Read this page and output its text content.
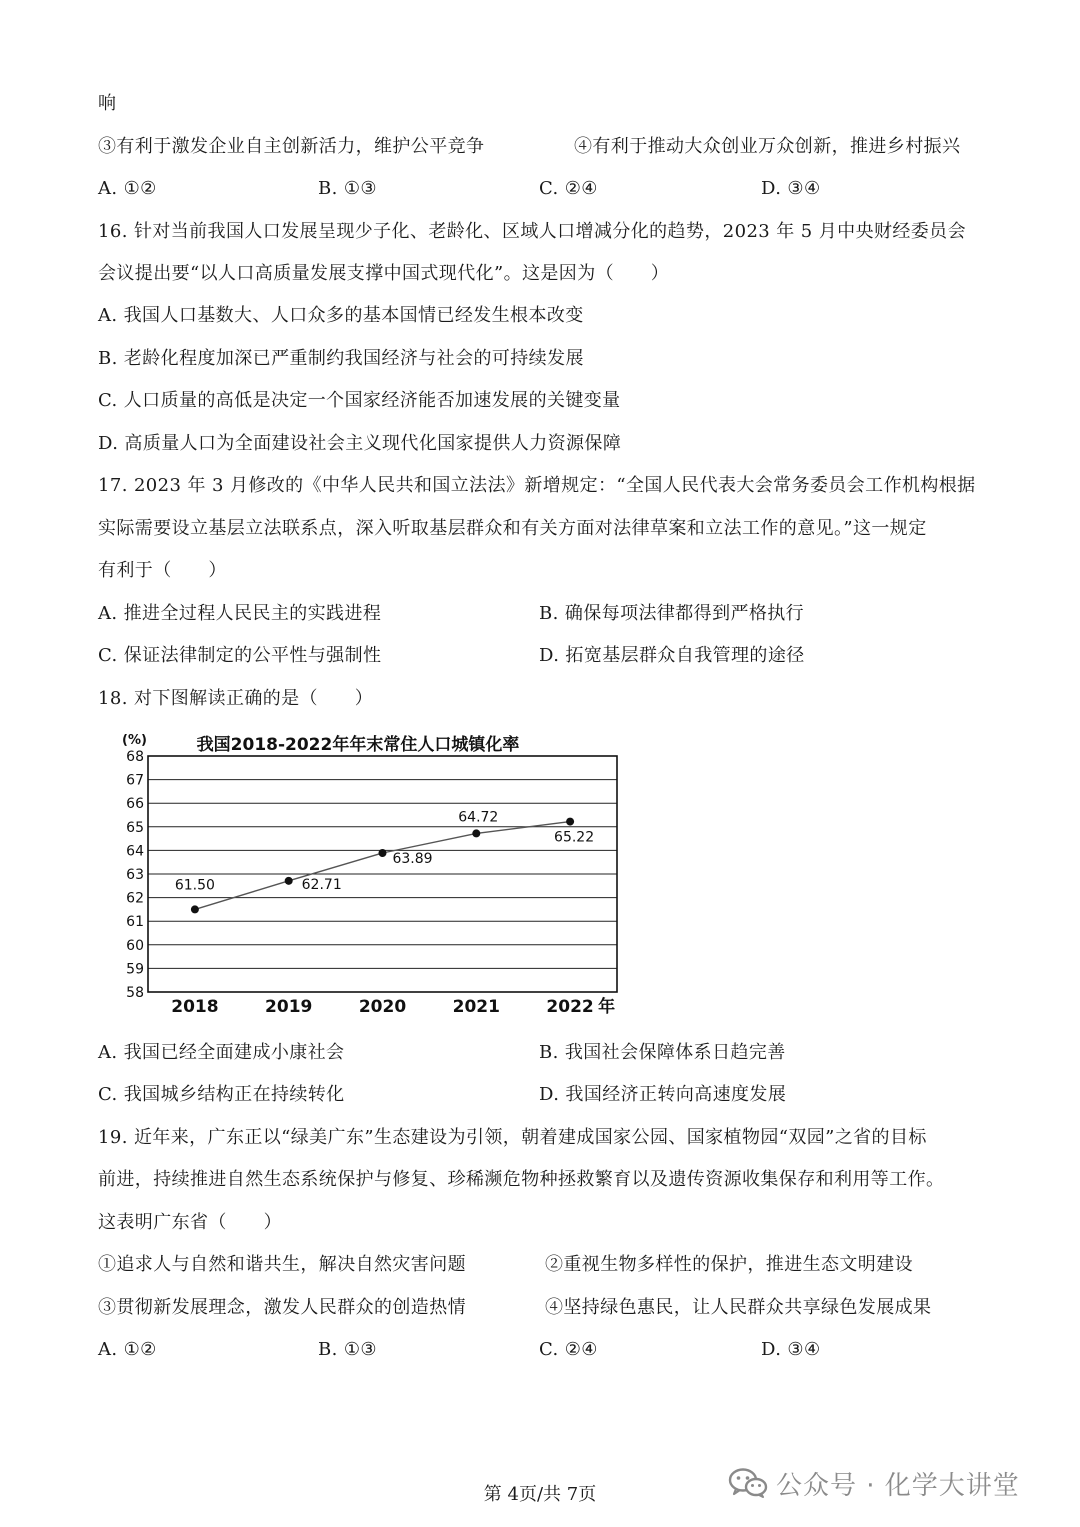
响
③有利于激发企业自主创新活力，维护公平竞争	④有利于推动大众创业万众创新，推进乡村振兴
A. ①②	B. ①③	C. ②④	D. ③④
16. 针对当前我国人口发展呈现少子化、老龄化、区域人口增减分化的趋势，2023 年 5 月中央财经委员会
会议提出要“以人口高质量发展支撑中国式现代化”。这是因为（　　）
A. 我国人口基数大、人口众多的基本国情已经发生根本改变
B. 老龄化程度加深已严重制约我国经济与社会的可持续发展
C. 人口质量的高低是决定一个国家经济能否加速发展的关键变量
D. 高质量人口为全面建设社会主义现代化国家提供人力资源保障
17. 2023 年 3 月修改的《中华人民共和国立法法》新增规定：“全国人民代表大会常务委员会工作机构根据
实际需要设立基层立法联系点，深入听取基层群众和有关方面对法律草案和立法工作的意见。”这一规定
有利于（　　）
A. 推进全过程人民民主的实践进程	B. 确保每项法律都得到严格执行
C. 保证法律制定的公平性与强制性	D. 拓宽基层群众自我管理的途径
18. 对下图解读正确的是（　　）
我国2018-2022年年末常住人口城镇化率
(%)
58
59
60
61
62
63
64
65
66
67
68
2018	2019	2020	2021	2022
61.50	62.71
63.89
64.72
65.22
年
A. 我国已经全面建成小康社会	B. 我国社会保障体系日趋完善
C. 我国城乡结构正在持续转化	D. 我国经济正转向高速度发展
19. 近年来，广东正以“绿美广东”生态建设为引领，朝着建成国家公园、国家植物园“双园”之省的目标
前进，持续推进自然生态系统保护与修复、珍稀濒危物种拯救繁育以及遗传资源收集保存和利用等工作。
这表明广东省（　　）
①追求人与自然和谐共生，解决自然灾害问题	②重视生物多样性的保护，推进生态文明建设
③贯彻新发展理念，激发人民群众的创造热情	④坚持绿色惠民，让人民群众共享绿色发展成果
A. ①②	B. ①③	C. ②④	D. ③④
第 4页/共 7页	公众号 · 化学大讲堂
